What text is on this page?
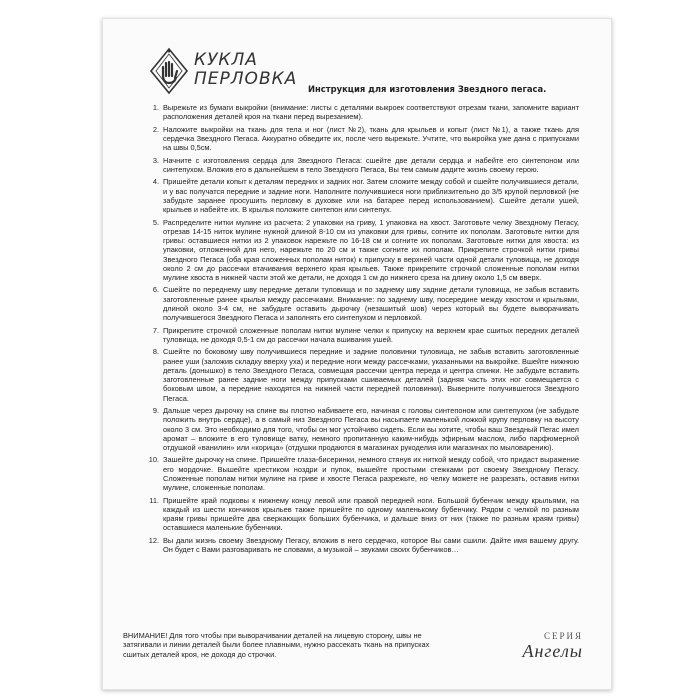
КУКЛА
ПЕРЛОВКА Инструкция для изготовления Звездного пегаса.
1. Вырежьте из бумаги выкройки (внимание: листы с деталями выкроек соответствуют отрезам ткани, запомните вариант расположения деталей кроя на ткани перед вырезанием).
2. Наложите выкройки на ткань для тела и ног (лист №2), ткань для крыльев и копыт (лист №1), а также ткань для сердечка Звездного Пегаса. Аккуратно обведите их, после чего вырежьте. Учтите, что выкройка уже дана с припусками на швы 0,5см.
3. Начните с изготовления сердца для Звездного Пегаса: сшейте две детали сердца и набейте его синтепоном или синтепухом. Вложив его в дальнейшем в тело Звездного Пегаса, Вы тем самым дадите жизнь своему герою.
4. Пришейте детали копыт к деталям передних и задних ног. Затем сложите между собой и сшейте получившиеся детали, и у вас получатся передние и задние ноги. Наполните получившиеся ноги приблизительно до 3/5 крупой перловкой (не забудьте заранее просушить перловку в духовке или на батарее перед использованием). Сшейте детали ушей, крыльев и набейте их. В крылья положите синтепон или синтепух.
5. Распределите нитки мулине из расчета: 2 упаковки на гриву, 1 упаковка на хвост. Заготовьте челку Звездному Пегасу, отрезав 14-15 ниток мулине нужной длиной 8-10 см из упаковки для гривы, согните их пополам. Заготовьте нитки для гривы: оставшиеся нитки из 2 упаковок нарежьте по 16-18 см и согните их пополам. Заготовьте нитки для хвоста: из упаковки, отложенной для него, нарежьте по 20 см и также согните их пополам. Прикрепите строчкой нитки гривы Звездного Пегаса (оба края сложенных пополам ниток) к припуску в верхней части одной детали туловища, не доходя около 2 см до рассечки втачивания верхнего края крыльев. Также прикрепите строчкой сложенные пополам нитки мулине хвоста в нижней части этой же детали, не доходя 1 см до нижнего среза на длину около 1,5 см вверх.
6. Сшейте по переднему шву передние детали туловища и по заднему шву задние детали туловища, не забыв вставить заготовленные ранее крылья между рассечками. Внимание: по заднему шву, посередине между хвостом и крыльями, длиной около 3-4 см, не забудьте оставить дырочку (незашитый шов) через который вы будете выворачивать получившегося Звездного Пегаса и заполнять его синтепухом и перловкой.
7. Прикрепите строчкой сложенные пополам нитки мулине челки к припуску на верхнем крае сшитых передних деталей туловища, не доходя 0,5-1 см до рассечки начала вшивания ушей.
8. Сшейте по боковому шву получившиеся передние и задние половинки туловища, не забыв вставить заготовленные ранее уши (заложив складку вверху уха) и передние ноги между рассечками, указанными на выкройке. Вшейте нижнюю деталь (донышко) в тело Звездного Пегаса, совмещая рассечки центра переда и центра спинки. Не забудьте вставить заготовленные ранее задние ноги между припусками сшиваемых деталей (задняя часть этих ног совмещается с боковым швом, а передние находятся на нижней части передней половинки). Выверните получившегося Звездного Пегаса.
9. Дальше через дырочку на спине вы плотно набиваете его, начиная с головы синтепоном или синтепухом (не забудьте положить внутрь сердце), а в самый низ Звездного Пегаса вы насыпаете маленькой ложкой крупу перловку на высоту около 3 см. Это необходимо для того, чтобы он мог устойчиво сидеть. Если вы хотите, чтобы ваш Звездный Пегас имел аромат – вложите в его туловище ватку, немного пропитанную каким-нибудь эфирным маслом, либо парфюмерной отдушкой «ванилин» или «корица» (отдушки продаются в магазинах рукоделия или магазинах по мыловарению).
10. Зашейте дырочку на спине. Пришейте глаза-бисеринки, немного стянув их ниткой между собой, что придаст выражение его мордочке. Вышейте крестиком ноздри и пупок, вышейте простыми стежками рот своему Звездному Пегасу. Сложенные пополам нитки мулине на гриве и хвосте Пегаса разрежьте, но челку можете не разрезать, оставив нитки мулине, сложенные пополам.
11. Пришейте край подковы к нижнему концу левой или правой передней ноги. Большой бубенчик между крыльями, на каждый из шести кончиков крыльев также пришейте по одному маленькому бубенчику. Рядом с челкой по разным краям гривы пришейте два сверкающих больших бубенчика, и дальше вниз от них (также по разным краям гривы) оставшиеся маленькие бубенчики.
12. Вы дали жизнь своему Звездному Пегасу, вложив в него сердечко, которое Вы сами сшили. Дайте имя вашему другу. Он будет с Вами разговаривать не словами, а музыкой – звуками своих бубенчиков…
ВНИМАНИЕ! Для того чтобы при выворачивании деталей на лицевую сторону, швы не затягивали и линии деталей были более плавными, нужно рассекать ткань на припусках сшитых деталей кроя, не доходя до строчки.
СЕРИЯ
Ангелы
